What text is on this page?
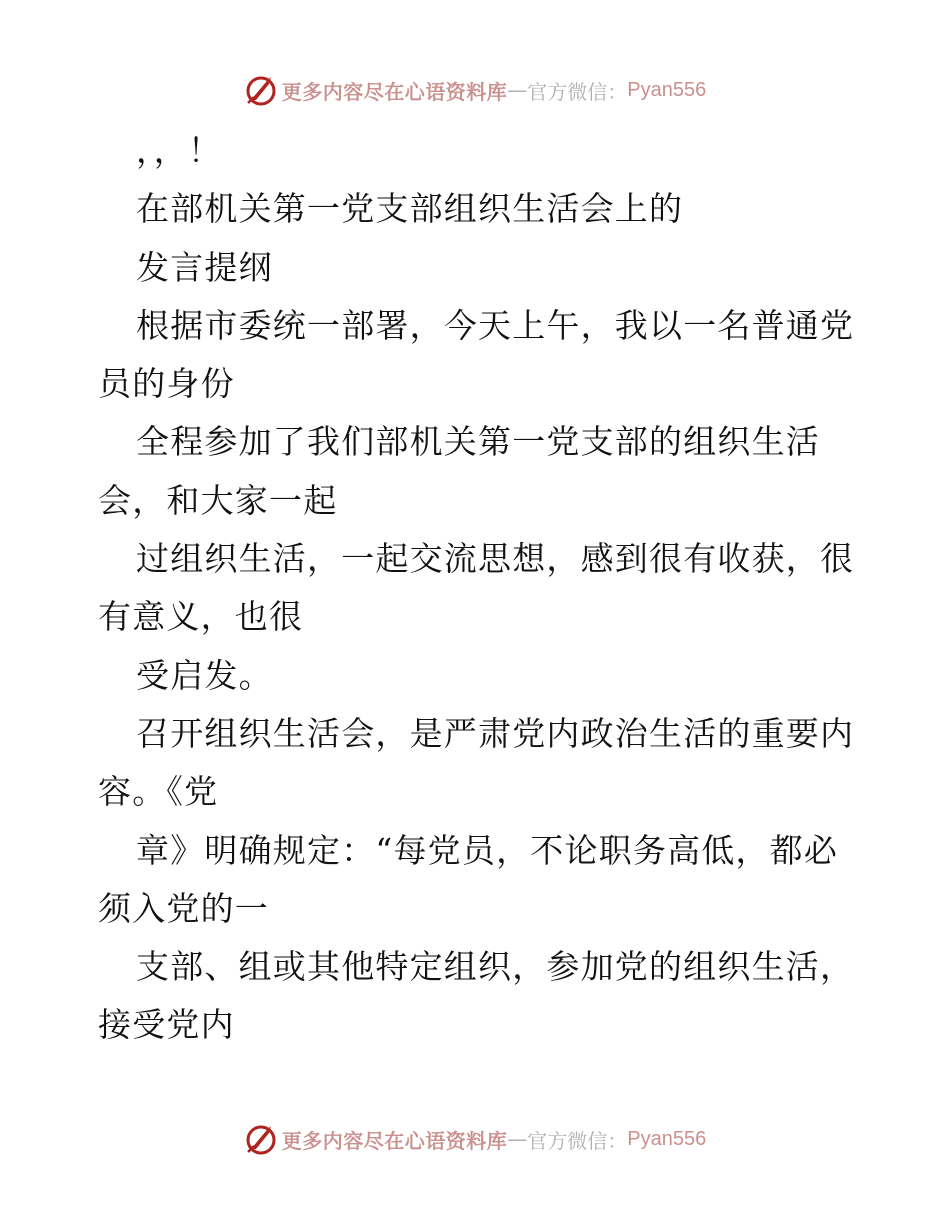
更多内容尽在心语资料库 — 官方微信： Pyan556

，，！

在部机关第一党支部组织生活会上的

发言提纲

根据市委统一部署，今天上午，我以一名普通党

员的身份

全程参加了我们部机关第一党支部的组织生活

会，和大家一起

过组织生活，一起交流思想，感到很有收获，很

有意义，也很

受启发。

召开组织生活会，是严肃党内政治生活的重要内

容。《党

章》明确规定：“每党员，不论职务高低，都必

须入党的一

支部、组或其他特定组织，参加党的组织生活，

接受党内

更多内容尽在心语资料库 — 官方微信： Pyan556
